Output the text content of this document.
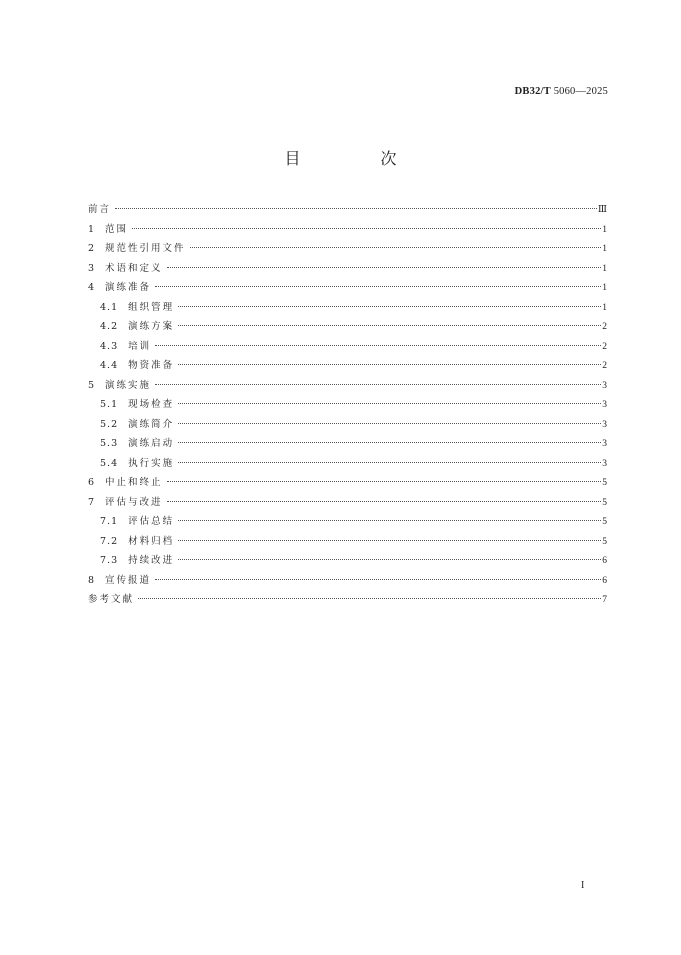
DB32/T 5060—2025
目　次
前言	Ⅲ
1 范围	1
2 规范性引用文件	1
3 术语和定义	1
4 演练准备	1
4.1 组织管理	1
4.2 演练方案	2
4.3 培训	2
4.4 物资准备	2
5 演练实施	3
5.1 现场检查	3
5.2 演练简介	3
5.3 演练启动	3
5.4 执行实施	3
6 中止和终止	5
7 评估与改进	5
7.1 评估总结	5
7.2 材料归档	5
7.3 持续改进	6
8 宣传报道	6
参考文献	7
I
